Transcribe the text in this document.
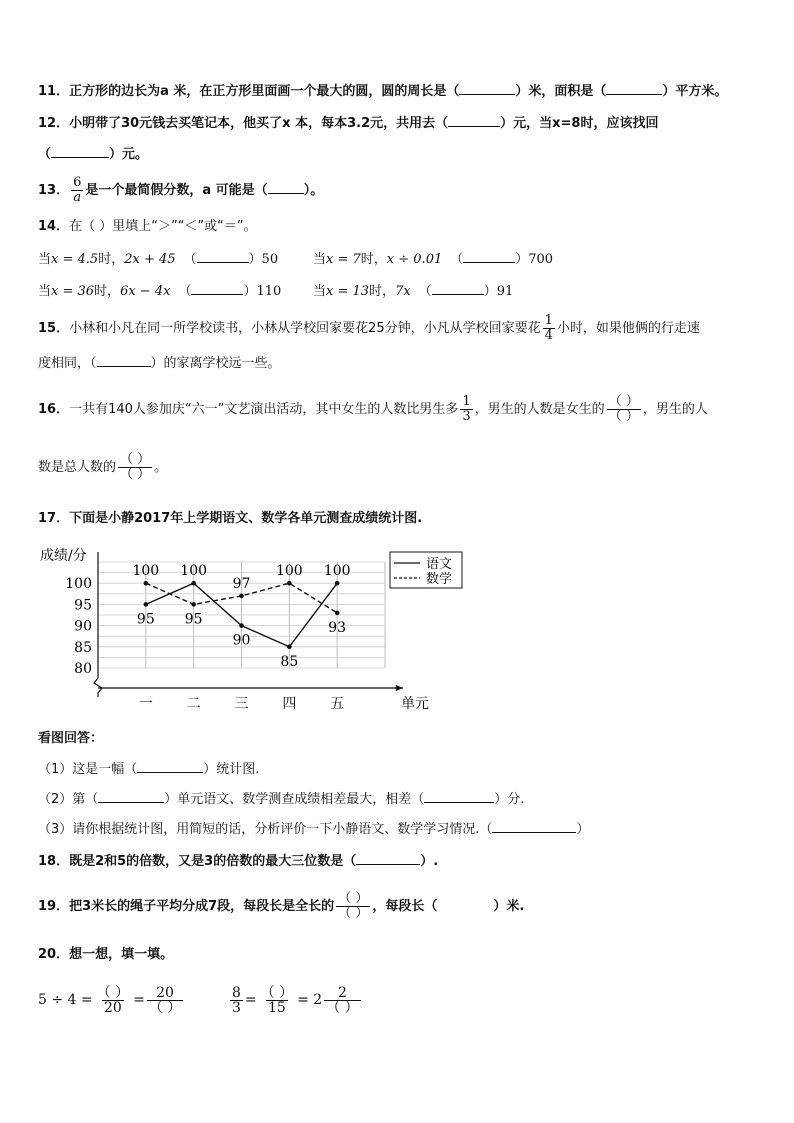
11．正方形的边长为a 米，在正方形里面画一个最大的圆，圆的周长是（	）米，面积是（	）平方米。
12．小明带了30元钱去买笔记本，他买了x 本，每本3.2元，共用去（	）元，当x=8时，应该找回
（	）元。
13． $\frac{6}{a}$ 是一个最简假分数，a 可能是（	）。
14．在（ ）里填上“＞”“＜”或“＝”。
当x = 4.5时，2x + 45 （	）50	当x = 7时，x ÷ 0.01 （	）700
当x = 36时，6x − 4x （	）110 当x = 13时，7x （	）91
15．小林和小凡在同一所学校读书，小林从学校回家要花25分钟，小凡从学校回家要花 $\frac{1}{4}$ 小时，如果他俩的行走速
度相同，（	）的家离学校远一些。
16．一共有140人参加庆“六一”文艺演出活动，其中女生的人数比男生多 $\frac{1}{3}$ ，男生的人数是女生的 $\frac{( )}{( )}$ ，男生的人
数是总人数的 $\frac{( )}{( )}$ 。
17．下面是小静2017年上学期语文、数学各单元测查成绩统计图.
80
85
90
95
100
成绩/分
一 二 三 四 五	单元
95
100
90
85
100
100
95
97
100
93
语文
数学
看图回答：
（1）这是一幅（	）统计图.
（2）第（	）单元语文、数学测查成绩相差最大，相差（	）分.
（3）请你根据统计图，用简短的话，分析评价一下小静语文、数学学习情况.（	）
18．既是2和5的倍数，又是3的倍数的最大三位数是（	）.
19．把3米长的绳子平均分成7段，每段长是全长的 $\frac{( )}{( )}$ ，每段长（	）米.
20．想一想，填一填。
$5 \div 4 = \frac{( )}{20} = \frac{20}{( )}$	$\frac{8}{3} = \frac{( )}{15} = 2 \frac{2}{( )}$
